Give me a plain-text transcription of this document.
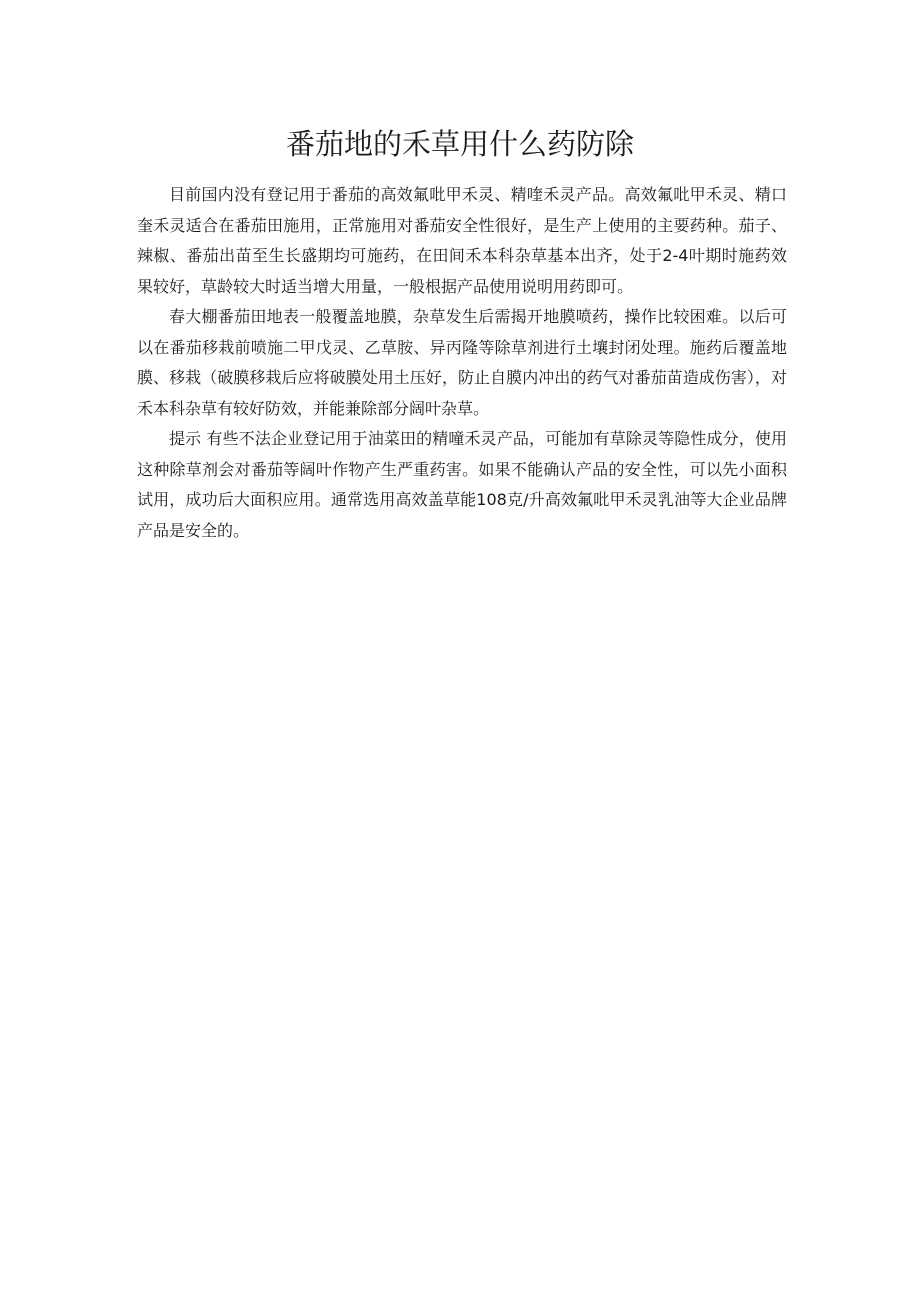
番茄地的禾草用什么药防除

目前国内没有登记用于番茄的高效氟吡甲禾灵、精喹禾灵产品。高效氟吡甲禾灵、精口奎禾灵适合在番茄田施用，正常施用对番茄安全性很好，是生产上使用的主要药种。茄子、辣椒、番茄出苗至生长盛期均可施药，在田间禾本科杂草基本出齐，处于2-4叶期时施药效果较好，草龄较大时适当增大用量，一般根据产品使用说明用药即可。

春大棚番茄田地表一般覆盖地膜，杂草发生后需揭开地膜喷药，操作比较困难。以后可以在番茄移栽前喷施二甲戊灵、乙草胺、异丙隆等除草剂进行土壤封闭处理。施药后覆盖地膜、移栽（破膜移栽后应将破膜处用土压好，防止自膜内冲出的药气对番茄苗造成伤害），对禾本科杂草有较好防效，并能兼除部分阔叶杂草。

提示 有些不法企业登记用于油菜田的精噇禾灵产品，可能加有草除灵等隐性成分，使用这种除草剂会对番茄等阔叶作物产生严重药害。如果不能确认产品的安全性，可以先小面积试用，成功后大面积应用。通常选用高效盖草能108克/升高效氟吡甲禾灵乳油等大企业品牌产品是安全的。
